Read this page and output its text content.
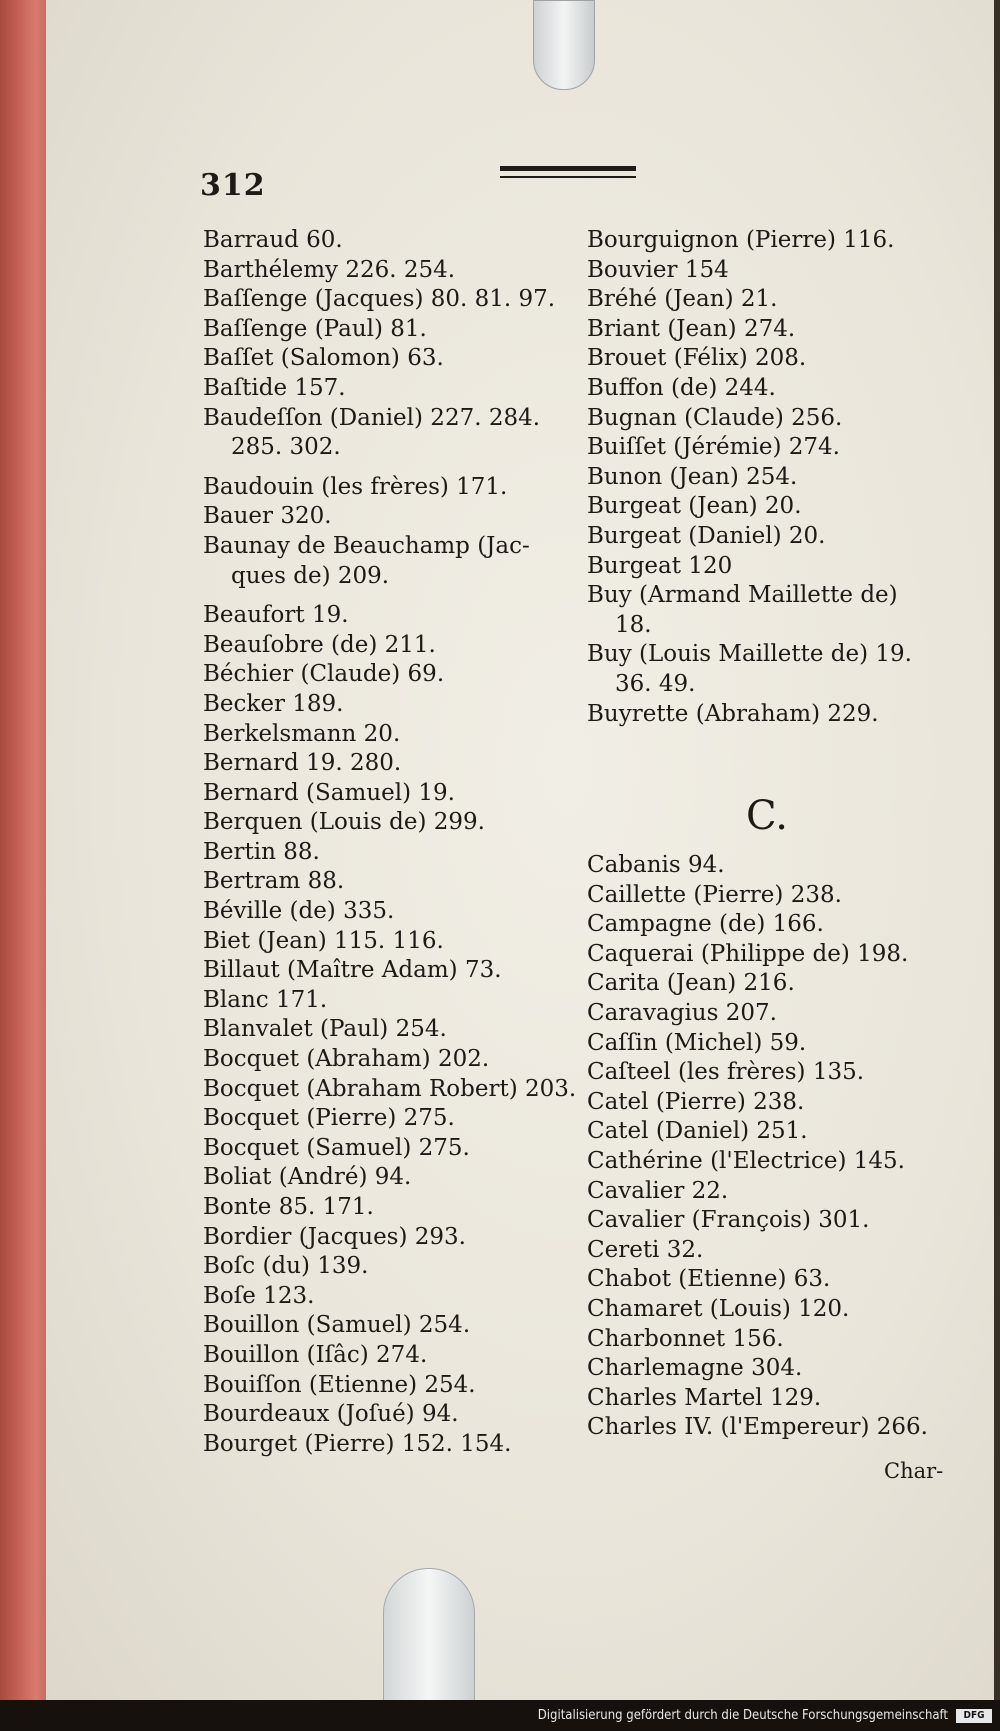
312
Barraud 60.
Barthélemy 226. 254.
Baſſenge (Jacques) 80. 81. 97.
Baſſenge (Paul) 81.
Baſſet (Salomon) 63.
Baſtide 157.
Baudeſſon (Daniel) 227. 284.
285. 302.
Baudouin (les frères) 171.
Bauer 320.
Baunay de Beauchamp (Jac-
ques de) 209.
Beaufort 19.
Beauſobre (de) 211.
Béchier (Claude) 69.
Becker 189.
Berkelsmann 20.
Bernard 19. 280.
Bernard (Samuel) 19.
Berquen (Louis de) 299.
Bertin 88.
Bertram 88.
Béville (de) 335.
Biet (Jean) 115. 116.
Billaut (Maître Adam) 73.
Blanc 171.
Blanvalet (Paul) 254.
Bocquet (Abraham) 202.
Bocquet (Abraham Robert) 203.
Bocquet (Pierre) 275.
Bocquet (Samuel) 275.
Boliat (André) 94.
Bonte 85. 171.
Bordier (Jacques) 293.
Boſc (du) 139.
Boſe 123.
Bouillon (Samuel) 254.
Bouillon (Iſâc) 274.
Bouiſſon (Etienne) 254.
Bourdeaux (Joſué) 94.
Bourget (Pierre) 152. 154.
Bourguignon (Pierre) 116.
Bouvier 154
Bréhé (Jean) 21.
Briant (Jean) 274.
Brouet (Félix) 208.
Buffon (de) 244.
Bugnan (Claude) 256.
Buiſſet (Jérémie) 274.
Bunon (Jean) 254.
Burgeat (Jean) 20.
Burgeat (Daniel) 20.
Burgeat 120
Buy (Armand Maillette de)
18.
Buy (Louis Maillette de) 19.
36. 49.
Buyrette (Abraham) 229.
C.
Cabanis 94.
Caillette (Pierre) 238.
Campagne (de) 166.
Caquerai (Philippe de) 198.
Carita (Jean) 216.
Caravagius 207.
Caſſin (Michel) 59.
Caſteel (les frères) 135.
Catel (Pierre) 238.
Catel (Daniel) 251.
Cathérine (l'Electrice) 145.
Cavalier 22.
Cavalier (François) 301.
Cereti 32.
Chabot (Etienne) 63.
Chamaret (Louis) 120.
Charbonnet 156.
Charlemagne 304.
Charles Martel 129.
Charles IV. (l'Empereur) 266.
Char-
Digitalisierung gefördert durch die Deutsche Forschungsgemeinschaft DFG
